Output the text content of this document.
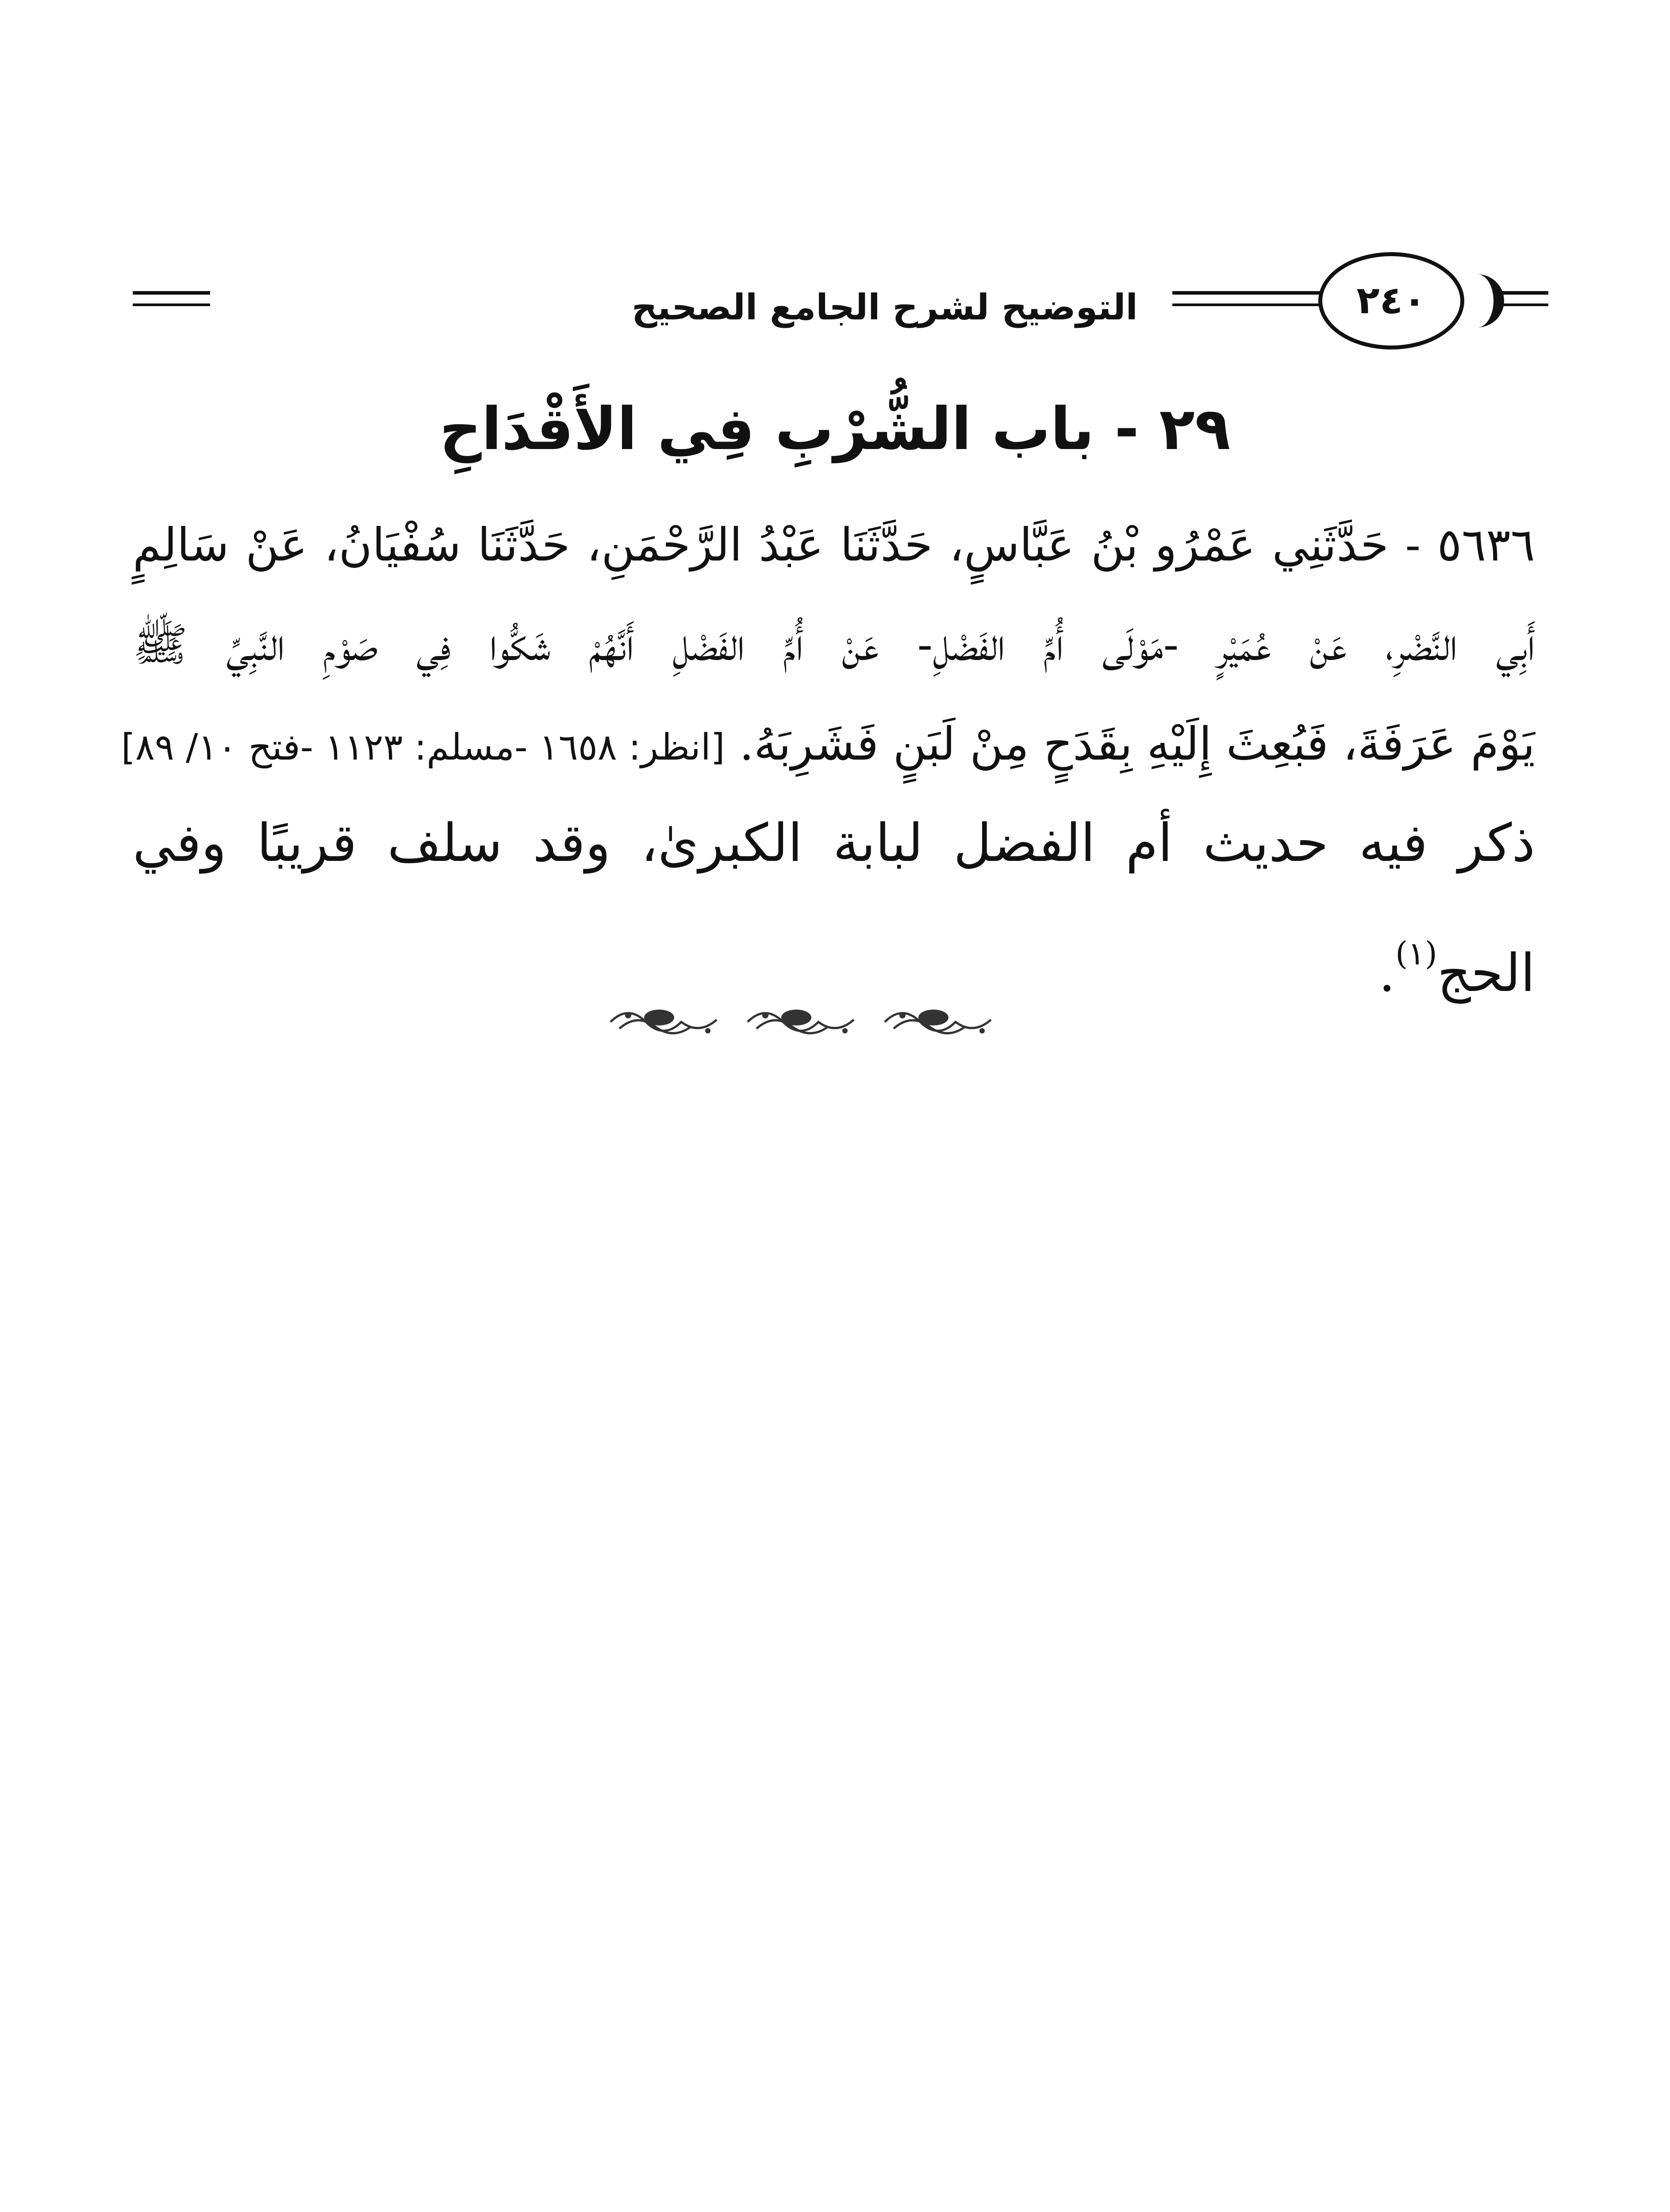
التوضيح لشرح الجامع الصحيح	٢٤٠
٢٩ - باب الشُّرْبِ فِي الأَقْدَاحِ
٥٦٣٦ - حَدَّثَنِي عَمْرُو بْنُ عَبَّاسٍ، حَدَّثَنَا عَبْدُ الرَّحْمَنِ، حَدَّثَنَا سُفْيَانُ، عَنْ سَالِمٍ
أَبِي النَّضْرِ، عَنْ عُمَيْرٍ -مَوْلَى أُمِّ الفَضْلِ- عَنْ أُمِّ الفَضْلِ أَنَّهُمْ شَكُّوا فِي صَوْمِ النَّبِيِّ ﷺ
يَوْمَ عَرَفَةَ، فَبُعِثَ إِلَيْهِ بِقَدَحٍ مِنْ لَبَنٍ فَشَرِبَهُ. [انظر: ١٦٥٨ -مسلم: ١١٢٣ -فتح ١٠/ ٨٩]
ذكر فيه حديث أم الفضل لبابة الكبرىٰ، وقد سلف قريبًا وفي
الحج$^{(١)}$.
